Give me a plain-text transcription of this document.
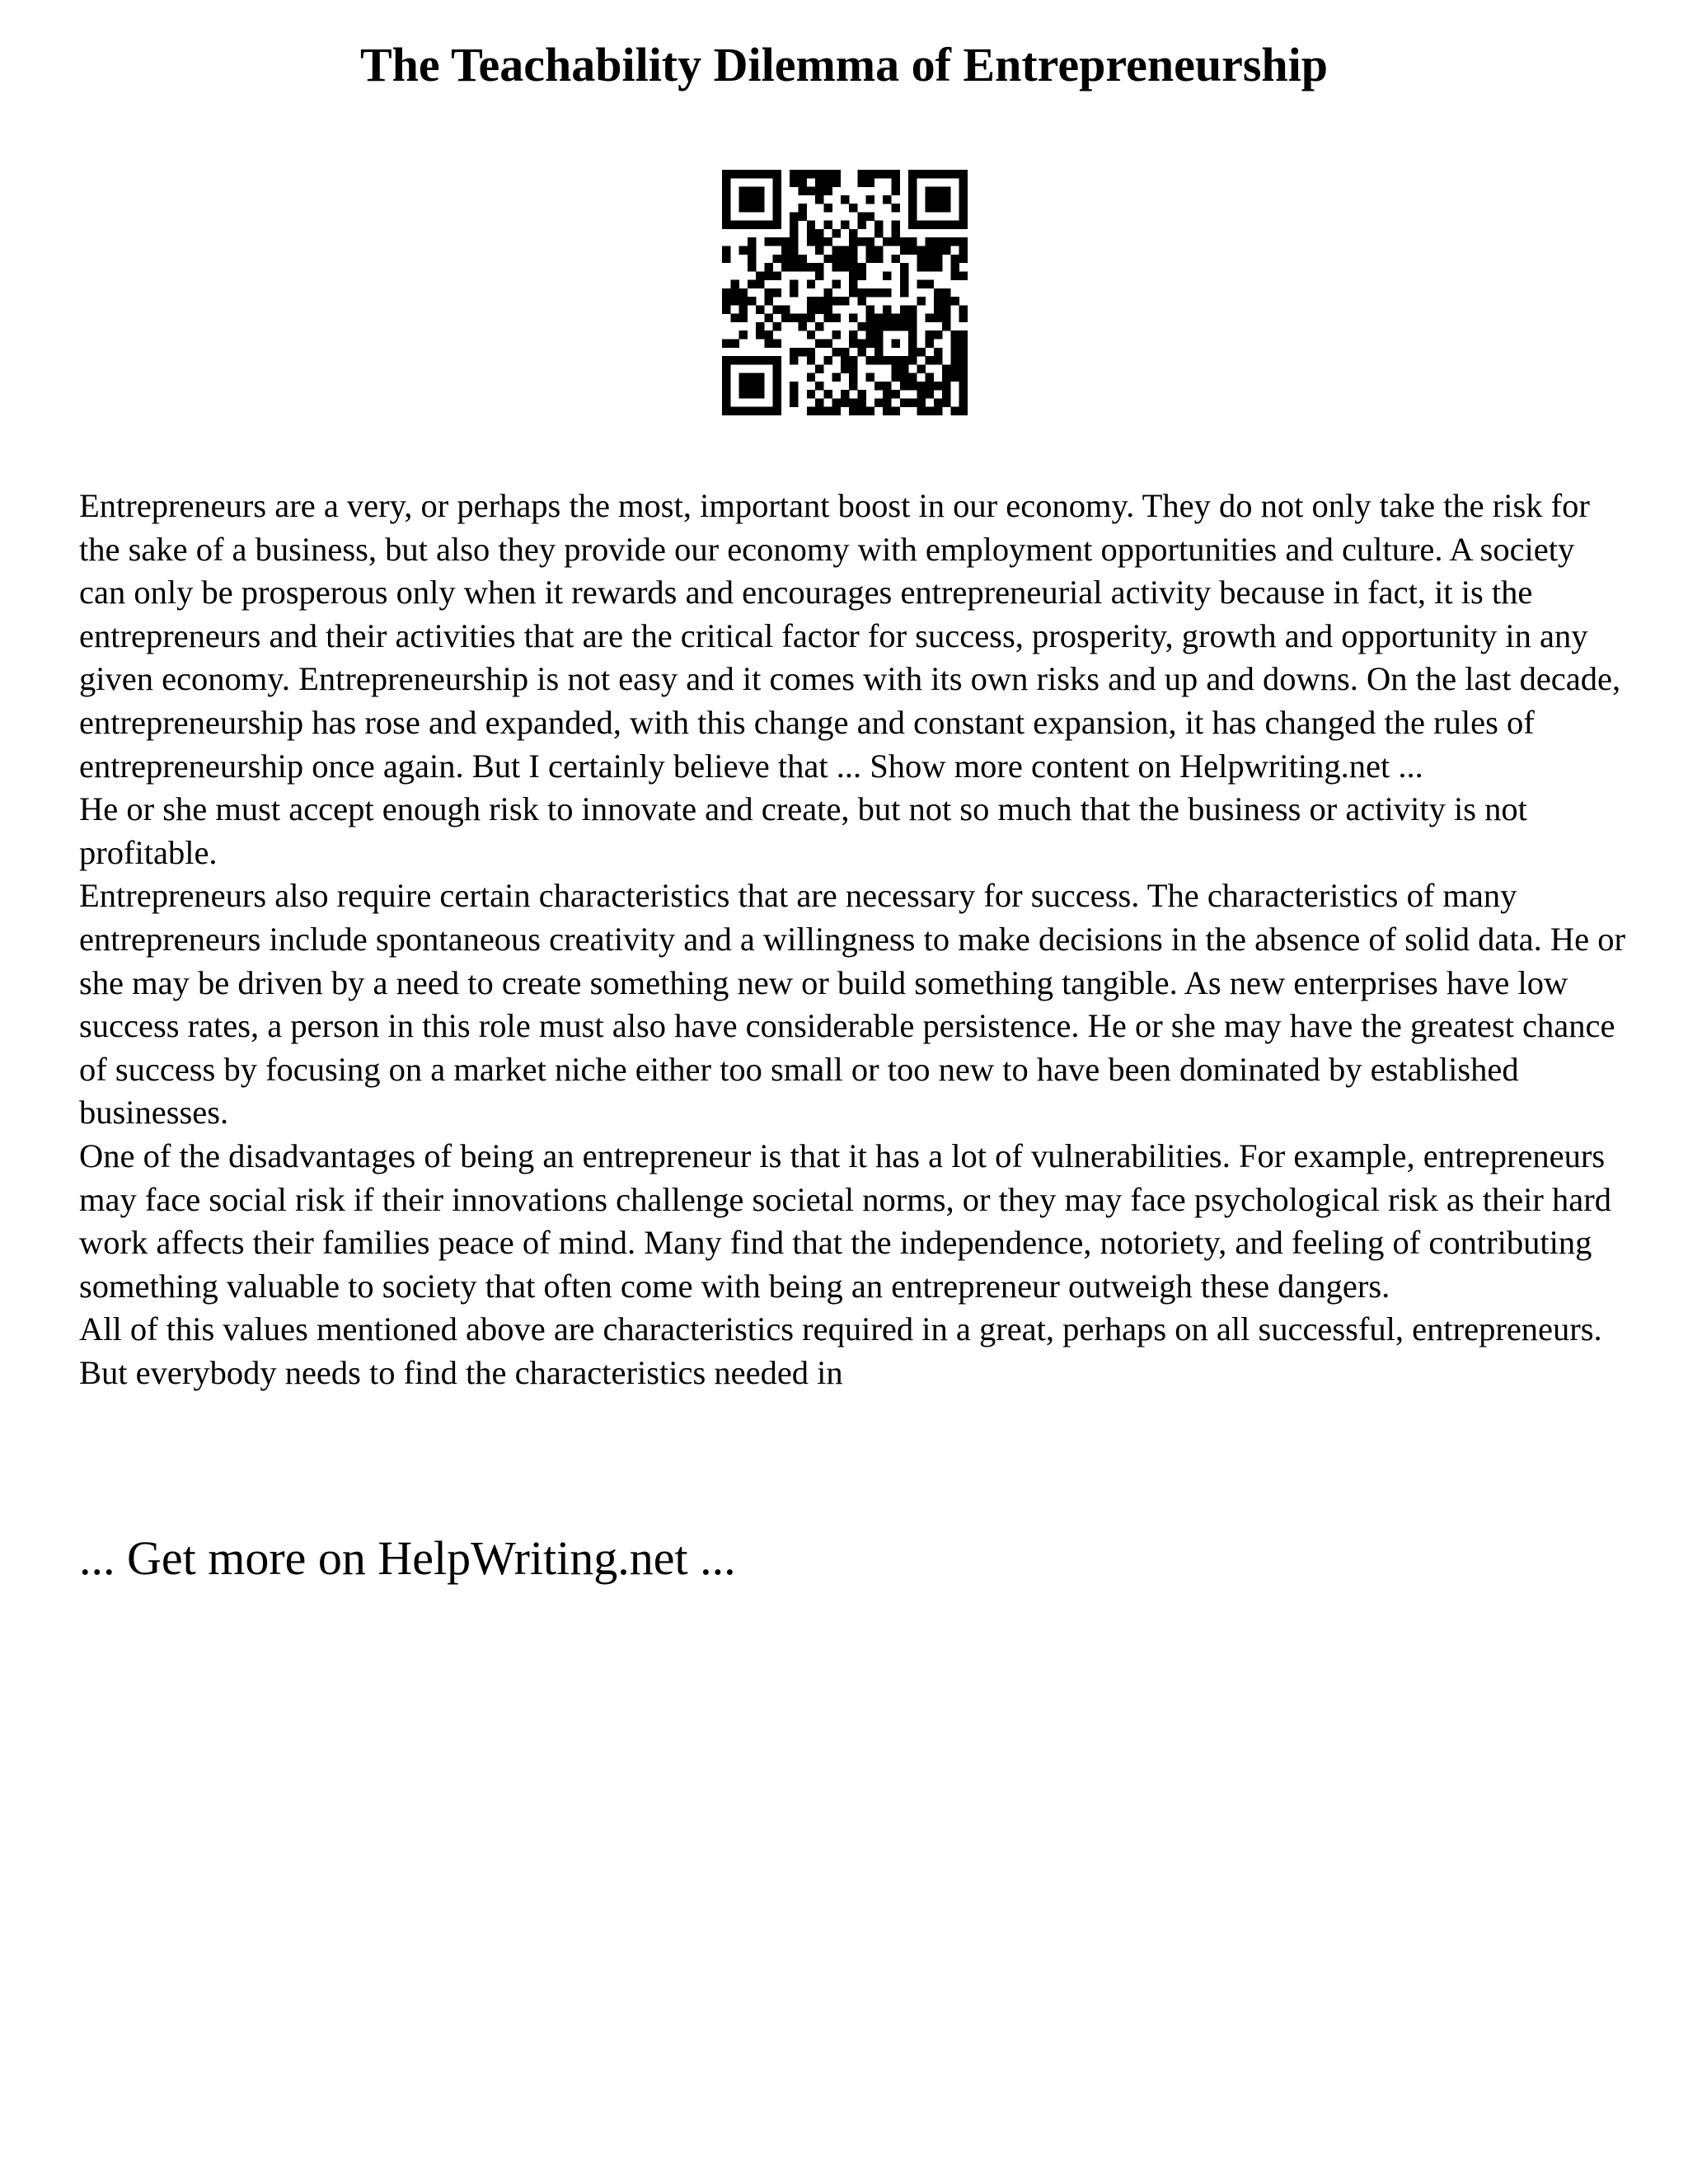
The Teachability Dilemma of Entrepreneurship

Entrepreneurs are a very, or perhaps the most, important boost in our economy. They do not only take the risk for the sake of a business, but also they provide our economy with employment opportunities and culture. A society can only be prosperous only when it rewards and encourages entrepreneurial activity because in fact, it is the entrepreneurs and their activities that are the critical factor for success, prosperity, growth and opportunity in any given economy. Entrepreneurship is not easy and it comes with its own risks and up and downs. On the last decade, entrepreneurship has rose and expanded, with this change and constant expansion, it has changed the rules of entrepreneurship once again. But I certainly believe that ... Show more content on Helpwriting.net ...

He or she must accept enough risk to innovate and create, but not so much that the business or activity is not profitable.

Entrepreneurs also require certain characteristics that are necessary for success. The characteristics of many entrepreneurs include spontaneous creativity and a willingness to make decisions in the absence of solid data. He or she may be driven by a need to create something new or build something tangible. As new enterprises have low success rates, a person in this role must also have considerable persistence. He or she may have the greatest chance of success by focusing on a market niche either too small or too new to have been dominated by established businesses.

One of the disadvantages of being an entrepreneur is that it has a lot of vulnerabilities. For example, entrepreneurs may face social risk if their innovations challenge societal norms, or they may face psychological risk as their hard work affects their families peace of mind. Many find that the independence, notoriety, and feeling of contributing something valuable to society that often come with being an entrepreneur outweigh these dangers.

All of this values mentioned above are characteristics required in a great, perhaps on all successful, entrepreneurs. But everybody needs to find the characteristics needed in

... Get more on HelpWriting.net ...
